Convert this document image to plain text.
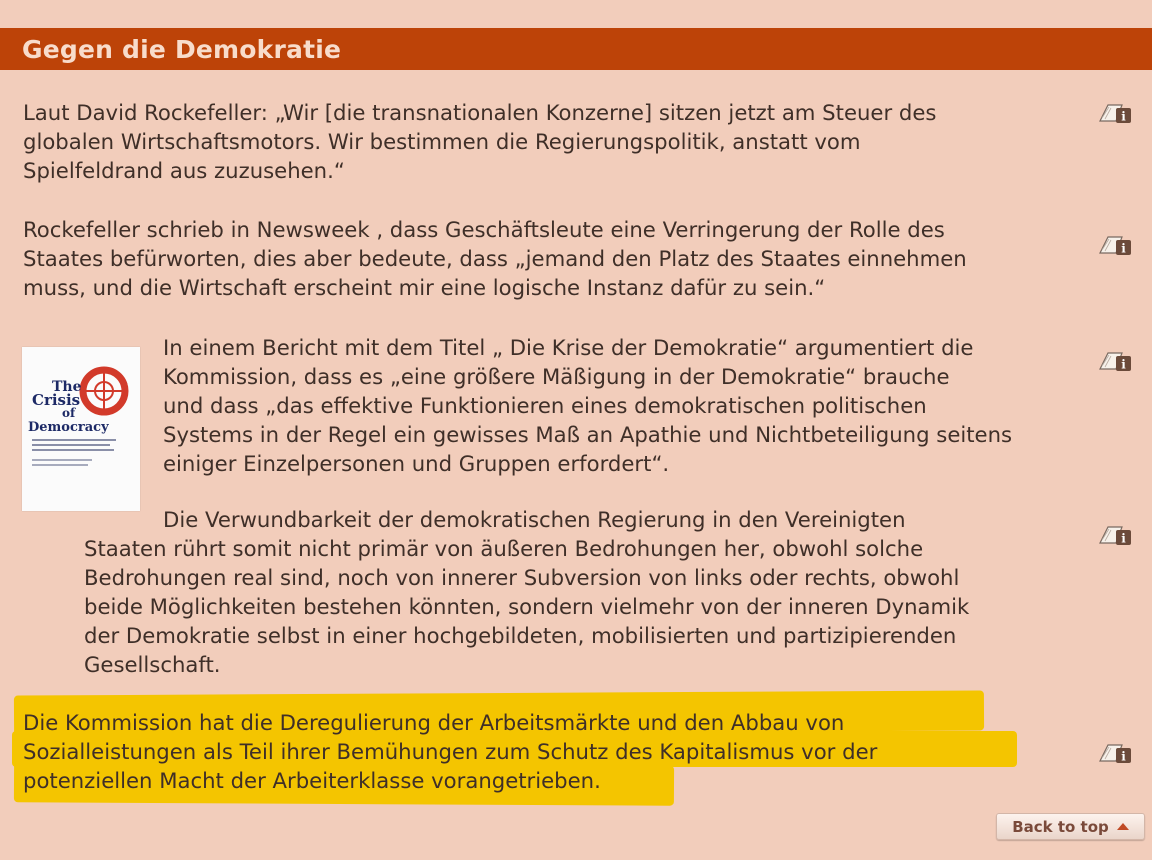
Gegen die Demokratie
Laut David Rockefeller: „Wir [die transnationalen Konzerne] sitzen jetzt am Steuer des
globalen Wirtschaftsmotors. Wir bestimmen die Regierungspolitik, anstatt vom
Spielfeldrand aus zuzusehen.“
Rockefeller schrieb in Newsweek , dass Geschäftsleute eine Verringerung der Rolle des
Staates befürworten, dies aber bedeute, dass „jemand den Platz des Staates einnehmen
muss, und die Wirtschaft erscheint mir eine logische Instanz dafür zu sein.“
The
Crisis
of
Democracy
In einem Bericht mit dem Titel „ Die Krise der Demokratie“ argumentiert die
Kommission, dass es „eine größere Mäßigung in der Demokratie“ brauche
und dass „das effektive Funktionieren eines demokratischen politischen
Systems in der Regel ein gewisses Maß an Apathie und Nichtbeteiligung seitens
einiger Einzelpersonen und Gruppen erfordert“.
Die Verwundbarkeit der demokratischen Regierung in den Vereinigten
Staaten rührt somit nicht primär von äußeren Bedrohungen her, obwohl solche
Bedrohungen real sind, noch von innerer Subversion von links oder rechts, obwohl
beide Möglichkeiten bestehen könnten, sondern vielmehr von der inneren Dynamik
der Demokratie selbst in einer hochgebildeten, mobilisierten und partizipierenden
Gesellschaft.
Die Kommission hat die Deregulierung der Arbeitsmärkte und den Abbau von
Sozialleistungen als Teil ihrer Bemühungen zum Schutz des Kapitalismus vor der
potenziellen Macht der Arbeiterklasse vorangetrieben.
i
i
i
i
i
Back to top
